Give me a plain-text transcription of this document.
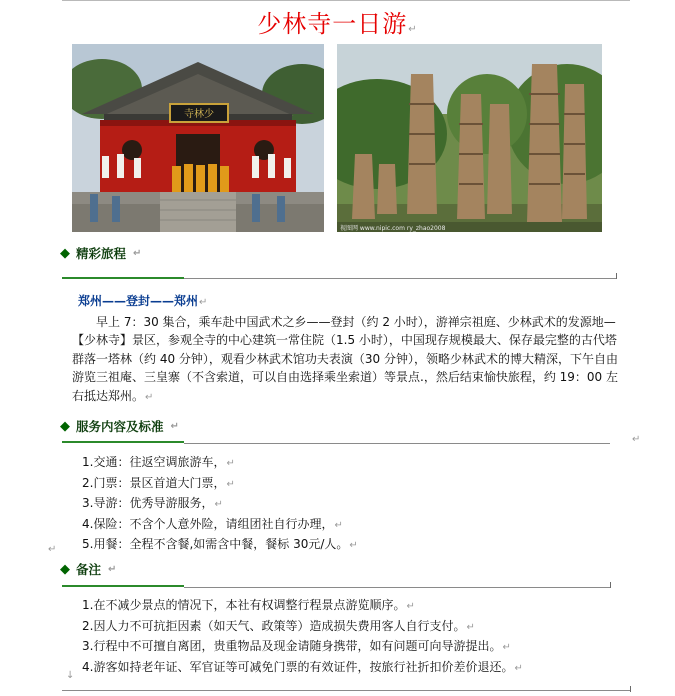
少林寺一日游↵
寺林少
视图网 www.nipic.com ry_zhao2008
◆ 精彩旅程 ↵
郑州——登封——郑州↵
早上 7：30 集合，乘车赴中国武术之乡——登封（约 2 小时），游禅宗祖庭、少林武术的发源地—【少林寺】景区，参观全寺的中心建筑一常住院（1.5 小时），中国现存规模最大、保存最完整的古代塔群落一塔林（约 40 分钟），观看少林武术馆功夫表演（30 分钟），领略少林武术的博大精深，下午自由游览三祖庵、三皇寨（不含索道，可以自由选择乘坐索道）等景点.，然后结束愉快旅程，约 19：00 左右抵达郑州。↵
◆ 服务内容及标准 ↵
↵
1.交通：往返空调旅游车，↵
2.门票：景区首道大门票，↵
3.导游：优秀导游服务，↵
4.保险：不含个人意外险，请组团社自行办理，↵
5.用餐：全程不含餐,如需含中餐，餐标 30元/人。↵
↵
◆ 备注 ↵
1.在不减少景点的情况下，本社有权调整行程景点游览顺序。↵
2.因人力不可抗拒因素（如天气、政策等）造成损失费用客人自行支付。↵
3.行程中不可擅自离团，贵重物品及现金请随身携带，如有问题可向导游提出。↵
4.游客如持老年证、军官证等可减免门票的有效证件，按旅行社折扣价差价退还。↵
↓
